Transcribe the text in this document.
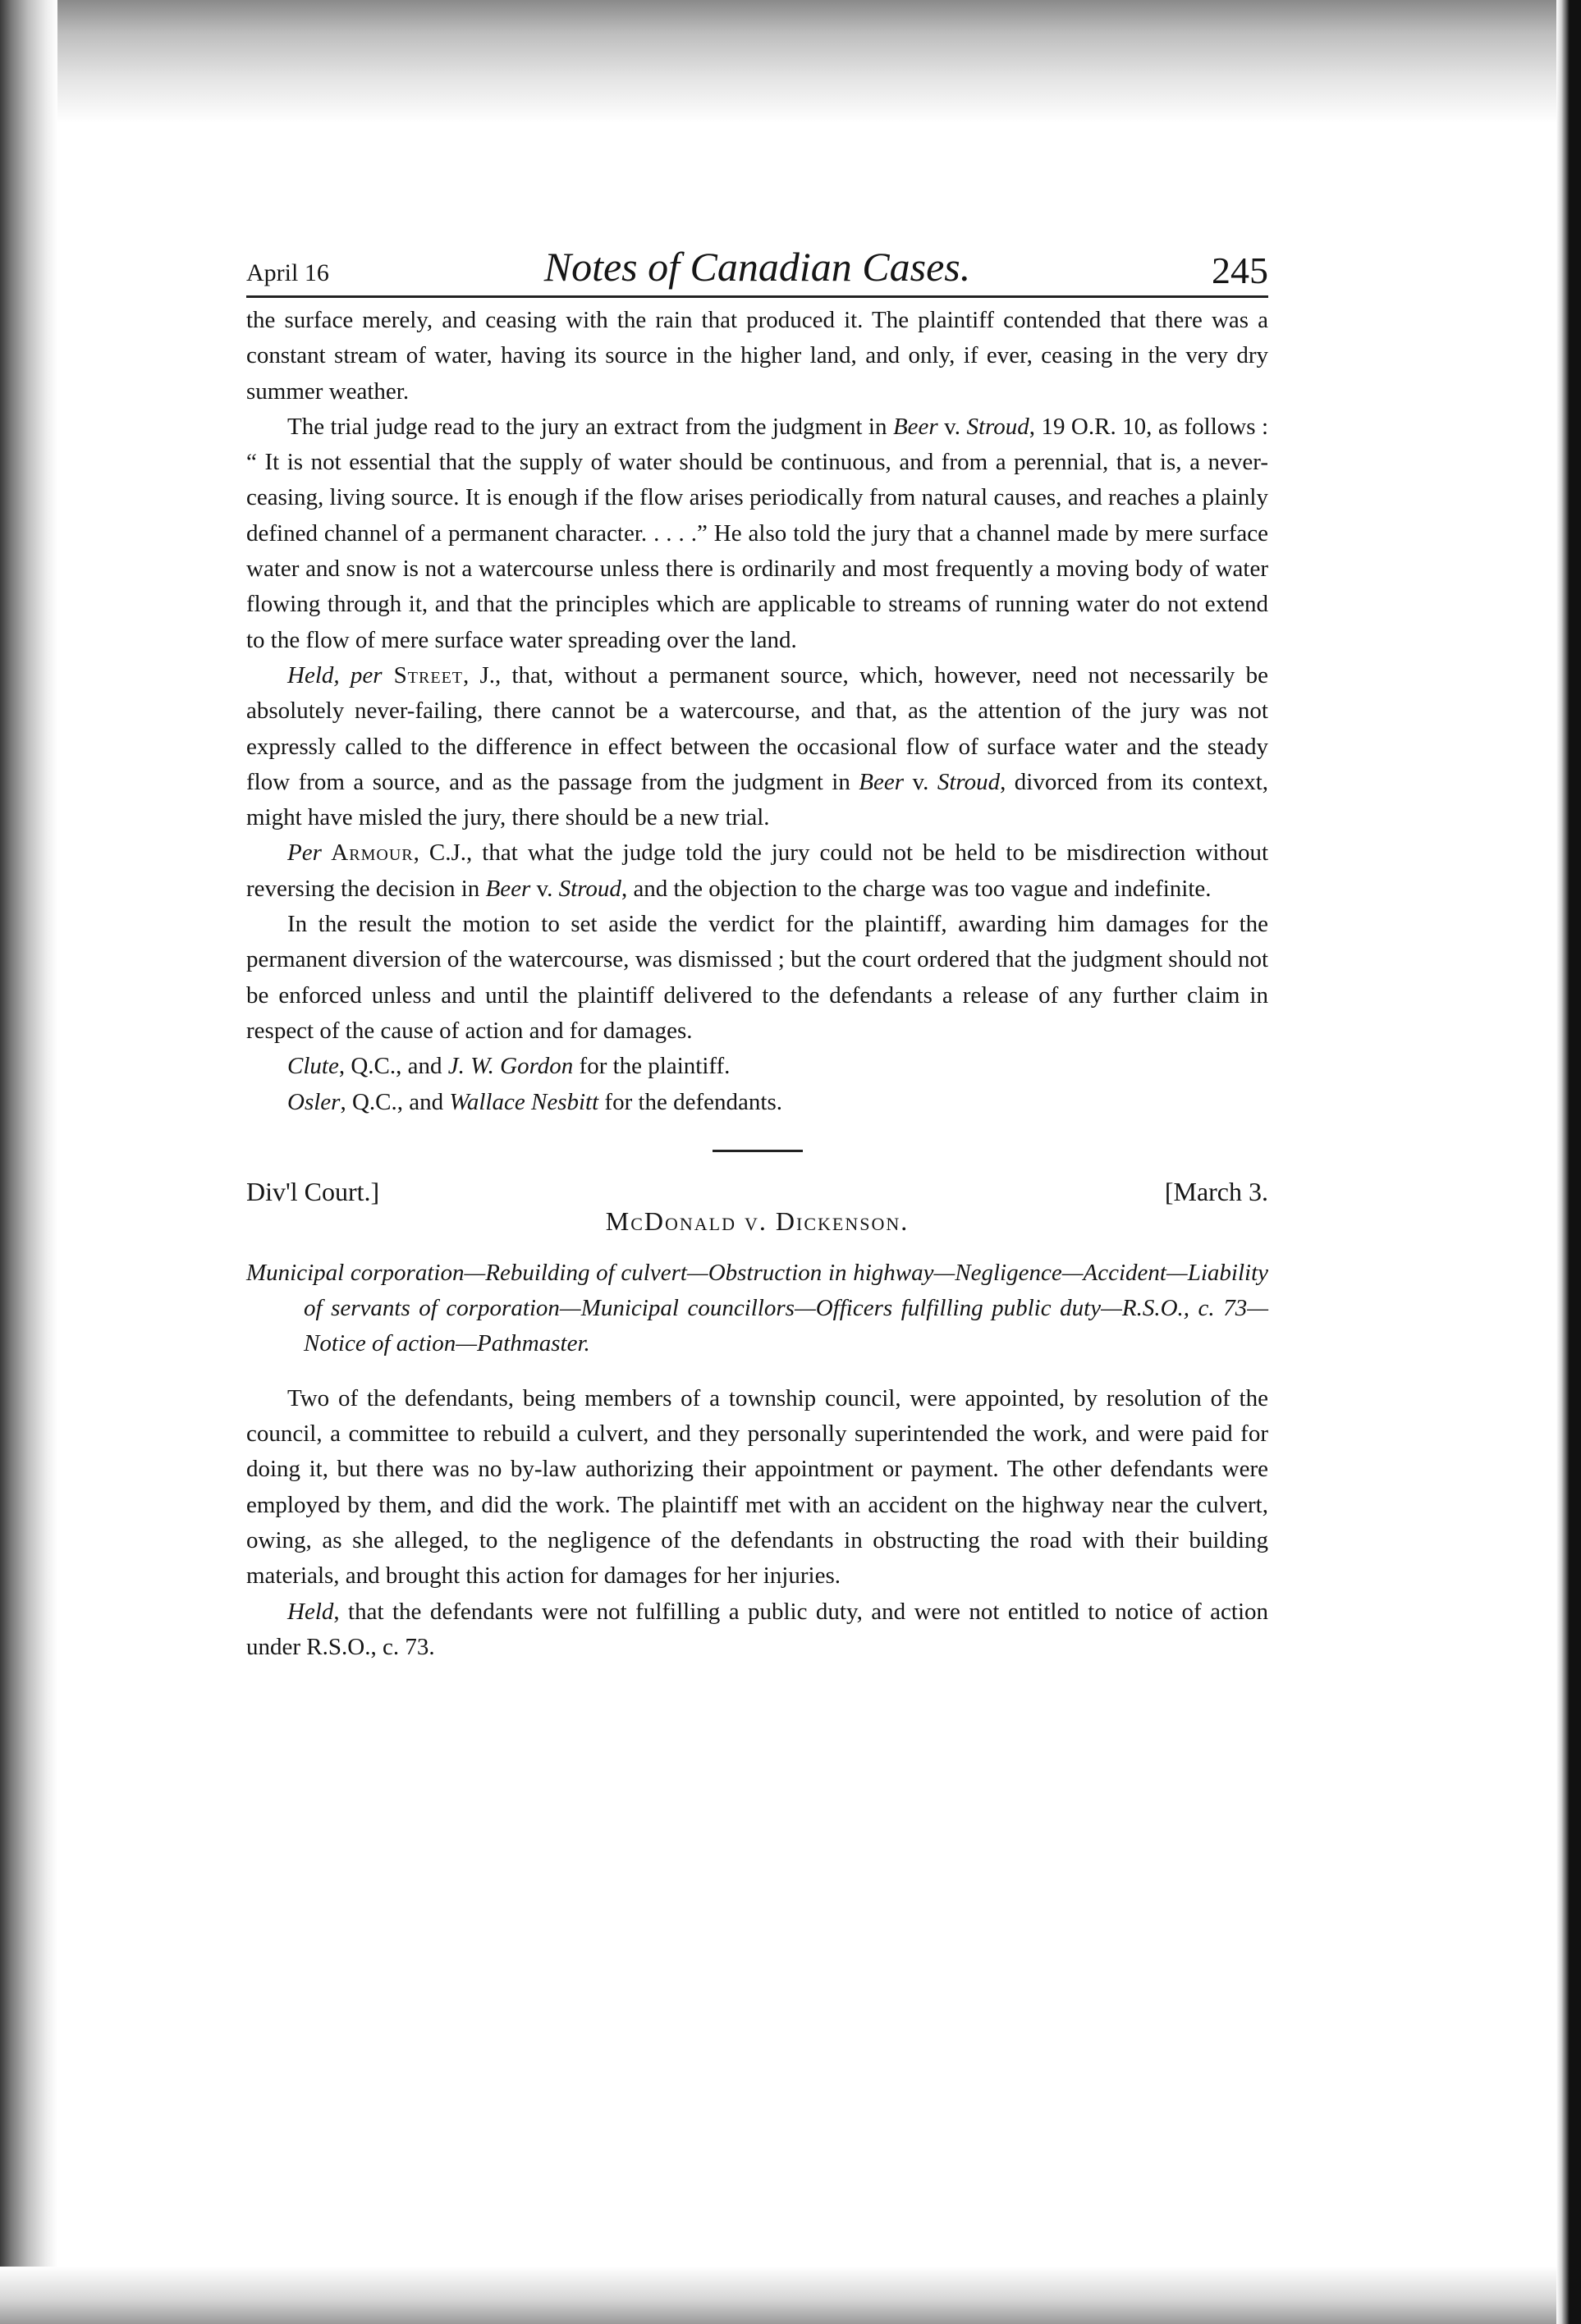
April 16	Notes of Canadian Cases.	245

the surface merely, and ceasing with the rain that produced it. The plaintiff contended that there was a constant stream of water, having its source in the higher land, and only, if ever, ceasing in the very dry summer weather.

The trial judge read to the jury an extract from the judgment in Beer v. Stroud, 19 O.R. 10, as follows : “ It is not essential that the supply of water should be continuous, and from a perennial, that is, a never-ceasing, living source. It is enough if the flow arises periodically from natural causes, and reaches a plainly defined channel of a permanent character. . . . .” He also told the jury that a channel made by mere surface water and snow is not a watercourse unless there is ordinarily and most frequently a moving body of water flowing through it, and that the principles which are applicable to streams of running water do not extend to the flow of mere surface water spreading over the land.

Held, per Street, J., that, without a permanent source, which, however, need not necessarily be absolutely never-failing, there cannot be a watercourse, and that, as the attention of the jury was not expressly called to the difference in effect between the occasional flow of surface water and the steady flow from a source, and as the passage from the judgment in Beer v. Stroud, divorced from its context, might have misled the jury, there should be a new trial.

Per Armour, C.J., that what the judge told the jury could not be held to be misdirection without reversing the decision in Beer v. Stroud, and the objection to the charge was too vague and indefinite.

In the result the motion to set aside the verdict for the plaintiff, awarding him damages for the permanent diversion of the watercourse, was dismissed ; but the court ordered that the judgment should not be enforced unless and until the plaintiff delivered to the defendants a release of any further claim in respect of the cause of action and for damages.

Clute, Q.C., and J. W. Gordon for the plaintiff.

Osler, Q.C., and Wallace Nesbitt for the defendants.

Div'l Court.]	[March 3.
McDonald v. Dickenson.
Municipal corporation—Rebuilding of culvert—Obstruction in highway—Negligence—Accident—Liability of servants of corporation—Municipal councillors—Officers fulfilling public duty—R.S.O., c. 73—Notice of action—Pathmaster.

Two of the defendants, being members of a township council, were appointed, by resolution of the council, a committee to rebuild a culvert, and they personally superintended the work, and were paid for doing it, but there was no by-law authorizing their appointment or payment. The other defendants were employed by them, and did the work. The plaintiff met with an accident on the highway near the culvert, owing, as she alleged, to the negligence of the defendants in obstructing the road with their building materials, and brought this action for damages for her injuries.

Held, that the defendants were not fulfilling a public duty, and were not entitled to notice of action under R.S.O., c. 73.
